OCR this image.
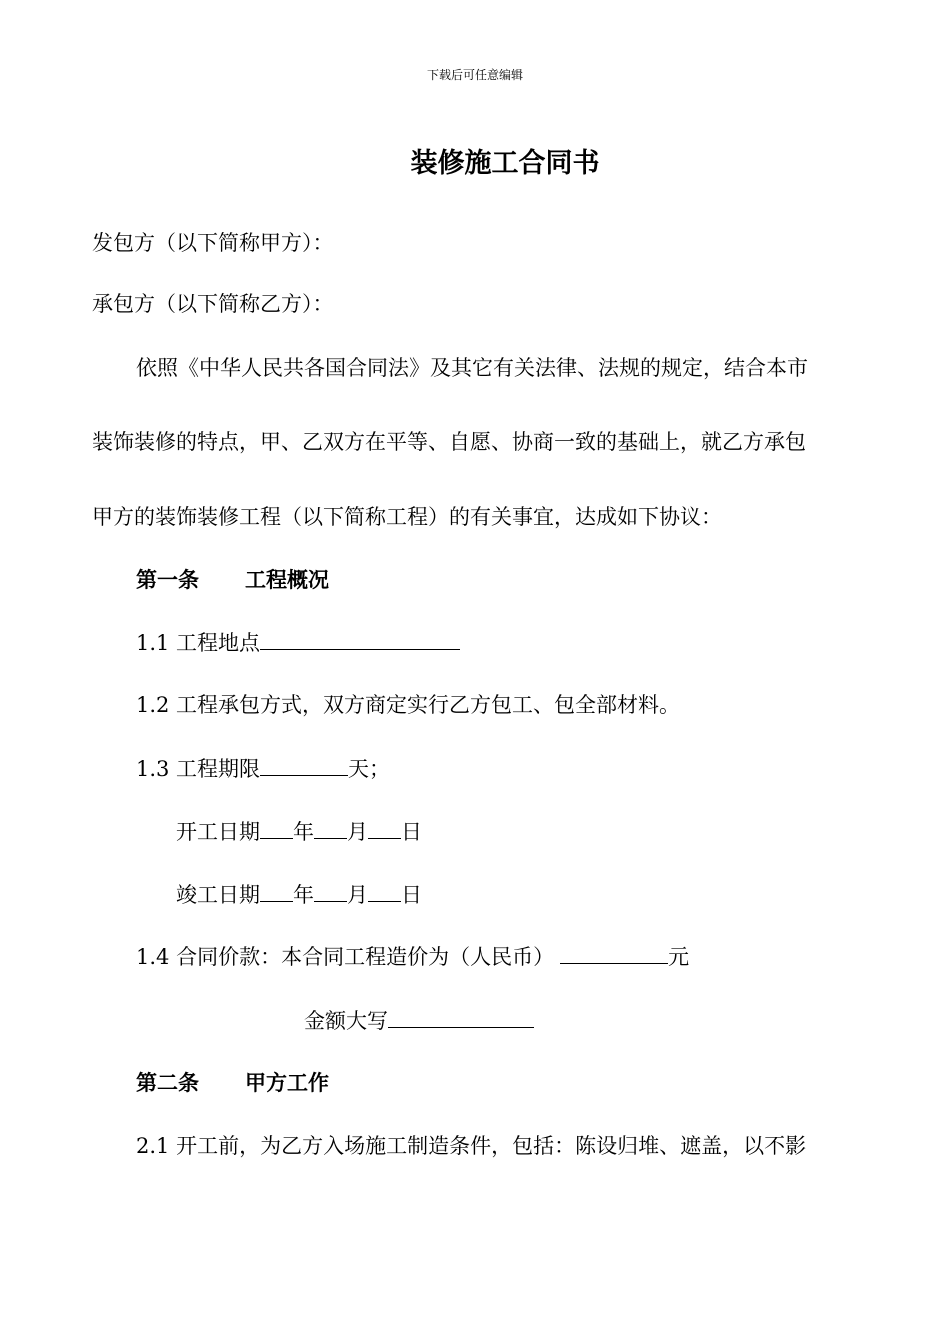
下载后可任意编辑
装修施工合同书
发包方（以下简称甲方）：
承包方（以下简称乙方）：
依照《中华人民共各国合同法》及其它有关法律、法规的规定，结合本市
装饰装修的特点，甲、乙双方在平等、自愿、协商一致的基础上，就乙方承包
甲方的装饰装修工程（以下简称工程）的有关事宜，达成如下协议：
第一条 工程概况
1.1 工程地点
1.2 工程承包方式，双方商定实行乙方包工、包全部材料。
1.3 工程期限	天；
开工日期 年 月 日
竣工日期 年 月 日
1.4 合同价款：本合同工程造价为（人民币）	元
金额大写
第二条 甲方工作
2.1 开工前，为乙方入场施工制造条件，包括：陈设归堆、遮盖，以不影
